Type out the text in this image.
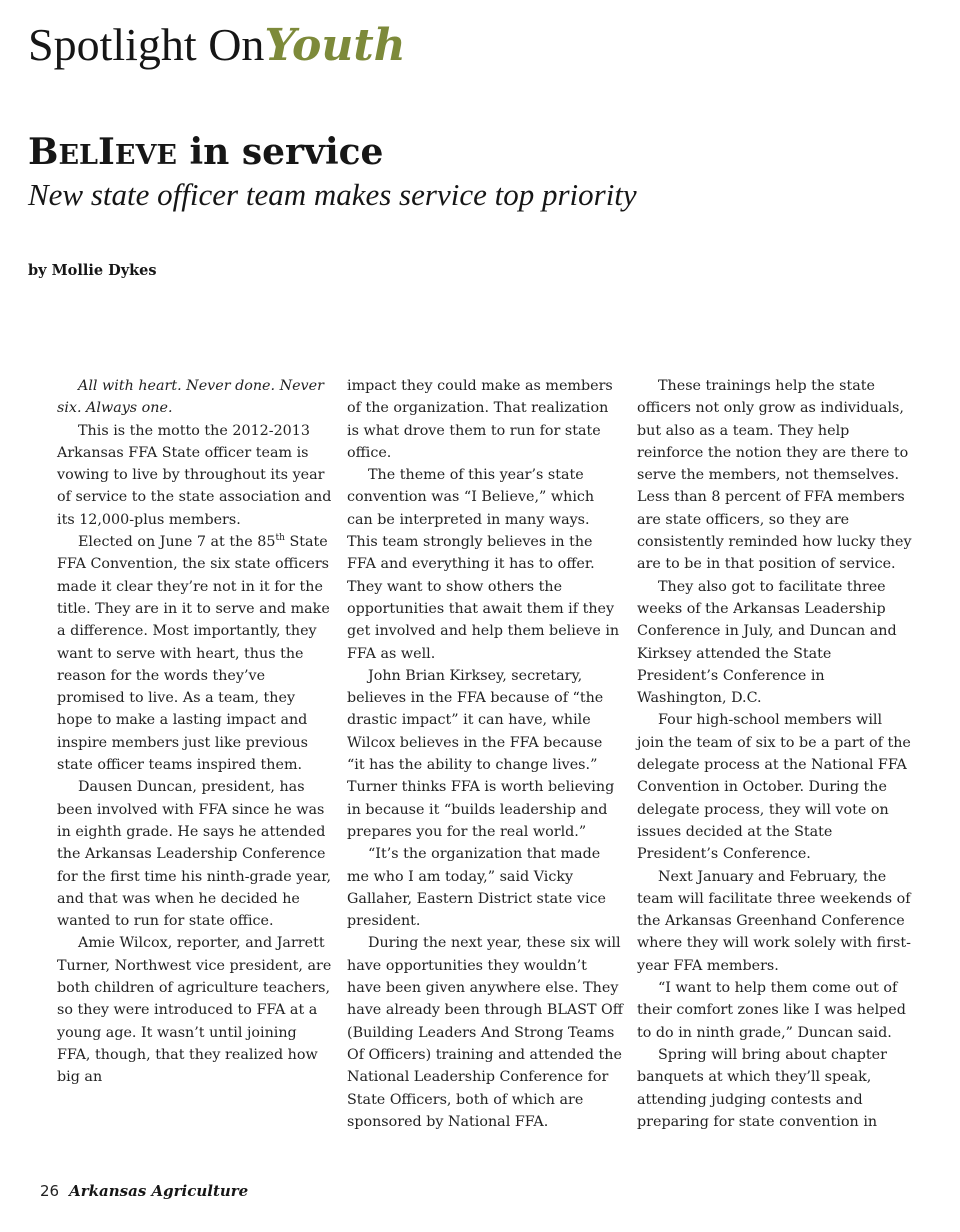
Spotlight OnYouth
BELIEVE in service
New state officer team makes service top priority
by Mollie Dykes

All with heart. Never done. Never six. Always one.

This is the motto the 2012-2013 Arkansas FFA State officer team is vowing to live by throughout its year of service to the state association and its 12,000-plus members.

Elected on June 7 at the 85th State FFA Convention, the six state officers made it clear they’re not in it for the title. They are in it to serve and make a difference. Most importantly, they want to serve with heart, thus the reason for the words they’ve promised to live. As a team, they hope to make a lasting impact and inspire members just like previous state officer teams inspired them.

Dausen Duncan, president, has been involved with FFA since he was in eighth grade. He says he attended the Arkansas Leadership Conference for the first time his ninth-grade year, and that was when he decided he wanted to run for state office.

Amie Wilcox, reporter, and Jarrett Turner, Northwest vice president, are both children of agriculture teachers, so they were introduced to FFA at a young age. It wasn’t until joining FFA, though, that they realized how big an

impact they could make as members of the organization. That realization is what drove them to run for state office.

The theme of this year’s state convention was “I Believe,” which can be interpreted in many ways. This team strongly believes in the FFA and everything it has to offer. They want to show others the opportunities that await them if they get involved and help them believe in FFA as well.

John Brian Kirksey, secretary, believes in the FFA because of “the drastic impact” it can have, while Wilcox believes in the FFA because “it has the ability to change lives.” Turner thinks FFA is worth believing in because it “builds leadership and prepares you for the real world.”

“It’s the organization that made me who I am today,” said Vicky Gallaher, Eastern District state vice president.

During the next year, these six will have opportunities they wouldn’t have been given anywhere else. They have already been through BLAST Off (Building Leaders And Strong Teams Of Officers) training and attended the National Leadership Conference for State Officers, both of which are sponsored by National FFA.

These trainings help the state officers not only grow as individuals, but also as a team. They help reinforce the notion they are there to serve the members, not themselves. Less than 8 percent of FFA members are state officers, so they are consistently reminded how lucky they are to be in that position of service.

They also got to facilitate three weeks of the Arkansas Leadership Conference in July, and Duncan and Kirksey attended the State President’s Conference in Washington, D.C.

Four high-school members will join the team of six to be a part of the delegate process at the National FFA Convention in October. During the delegate process, they will vote on issues decided at the State President’s Conference.

Next January and February, the team will facilitate three weekends of the Arkansas Greenhand Conference where they will work solely with first-year FFA members.

“I want to help them come out of their comfort zones like I was helped to do in ninth grade,” Duncan said.

Spring will bring about chapter banquets at which they’ll speak, attending judging contests and preparing for state convention in

26 Arkansas Agriculture
